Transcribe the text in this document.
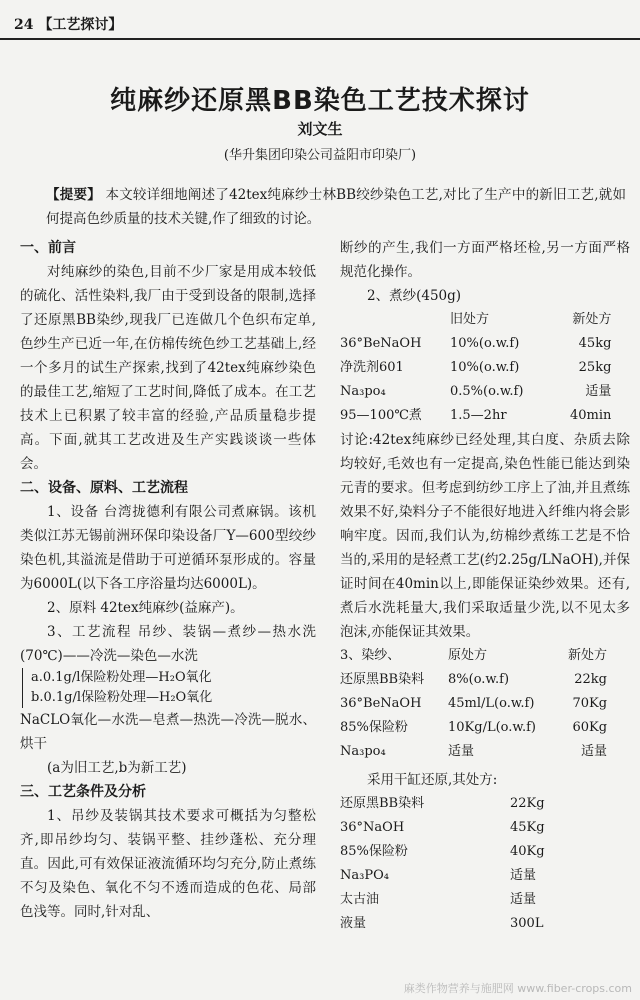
24 【工艺探讨】
纯麻纱还原黑BB染色工艺技术探讨
刘文生
(华升集团印染公司益阳市印染厂)
【提要】 本文较详细地阐述了42tex纯麻纱士林BB绞纱染色工艺,对比了生产中的新旧工艺,就如何提高色纱质量的技术关键,作了细致的讨论。
一、前言

对纯麻纱的染色,目前不少厂家是用成本较低的硫化、活性染料,我厂由于受到设备的限制,选择了还原黑BB染纱,现我厂已连做几个色织布定单,色纱生产已近一年,在仿棉传统色纱工艺基础上,经一个多月的试生产探索,找到了42tex纯麻纱染色的最佳工艺,缩短了工艺时间,降低了成本。在工艺技术上已积累了较丰富的经验,产品质量稳步提高。下面,就其工艺改进及生产实践谈谈一些体会。

二、设备、原料、工艺流程

1、设备 台湾拢德利有限公司煮麻锅。该机类似江苏无锡前洲环保印染设备厂Y—600型绞纱染色机,其溢流是借助于可逆循环泵形成的。容量为6000L(以下各工序浴量均达6000L)。

2、原料 42tex纯麻纱(益麻产)。

3、工艺流程 吊纱、装锅—煮纱—热水洗(70℃)——冷洗—染色—水洗

a.0.1g/l保险粉处理—H₂O氧化
b.0.1g/l保险粉处理—H₂O氧化

NaCLO氧化—水洗—皂煮—热洗—冷洗—脱水、烘干

(a为旧工艺,b为新工艺)

三、工艺条件及分析

1、吊纱及装锅其技术要求可概括为匀整松齐,即吊纱均匀、装锅平整、挂纱蓬松、充分理直。因此,可有效保证液流循环均匀充分,防止煮练不匀及染色、氧化不匀不透而造成的色花、局部色浅等。同时,针对乱、

断纱的产生,我们一方面严格坯检,另一方面严格规范化操作。

2、煮纱(450g)
	旧处方	新处方
36°BeNaOH	10%(o.w.f)	45kg
净洗剂601	10%(o.w.f)	25kg
Na₃po₄	0.5%(o.w.f)	适量
95—100℃煮	1.5—2hr	40min

讨论:42tex纯麻纱已经处理,其白度、杂质去除均较好,毛效也有一定提高,染色性能已能达到染元青的要求。但考虑到纺纱工序上了油,并且煮练效果不好,染料分子不能很好地进入纤维内将会影响牢度。因而,我们认为,纺棉纱煮练工艺是不恰当的,采用的是轻煮工艺(约2.25g/LNaOH),并保证时间在40min以上,即能保证染纱效果。还有,煮后水洗耗量大,我们采取适量少洗,以不见太多泡沫,亦能保证其效果。

3、染纱、	原处方	新处方
还原黑BB染料	8%(o.w.f)	22kg
36°BeNaOH	45ml/L(o.w.f)	70Kg
85%保险粉	10Kg/L(o.w.f)	60Kg
Na₃po₄	适量	适量
采用干缸还原,其处方:
还原黑BB染料	22Kg
36°NaOH	45Kg
85%保险粉	40Kg
Na₃PO₄	适量
太古油	适量
液量	300L
麻类作物营养与施肥网 www.fiber-crops.com
